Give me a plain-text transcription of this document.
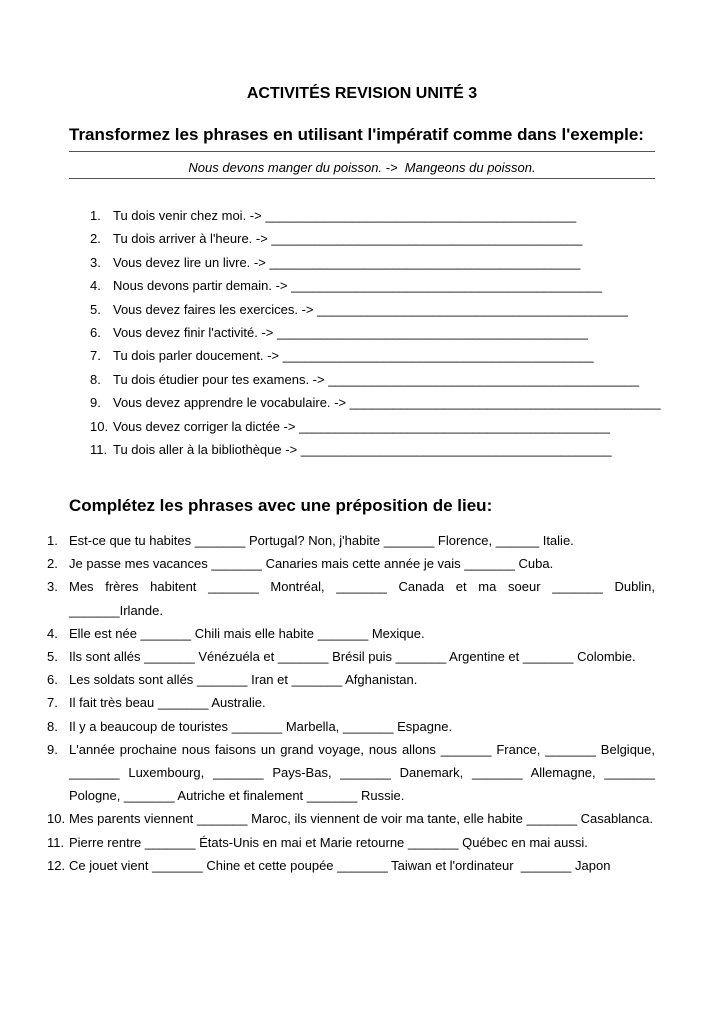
ACTIVITÉS REVISION UNITÉ 3
Transformez les phrases en utilisant l'impératif comme dans l'exemple:
Nous devons manger du poisson. ->  Mangeons du poisson.
1. Tu dois venir chez moi. -> ___________________________________________
2. Tu dois arriver à l'heure. -> ___________________________________________
3. Vous devez lire un livre. -> ___________________________________________
4. Nous devons partir demain. -> ___________________________________________
5. Vous devez faires les exercices. -> ___________________________________________
6. Vous devez finir l'activité. -> ___________________________________________
7. Tu dois parler doucement. -> ___________________________________________
8. Tu dois étudier pour tes examens. -> ___________________________________________
9. Vous devez apprendre le vocabulaire. -> ___________________________________________
10. Vous devez corriger la dictée -> ___________________________________________
11. Tu dois aller à la bibliothèque -> ___________________________________________
Complétez les phrases avec une préposition de lieu:
1. Est-ce que tu habites _______ Portugal? Non, j'habite _______ Florence, ______ Italie.
2. Je passe mes vacances _______ Canaries mais cette année je vais _______ Cuba.
3. Mes frères habitent _______ Montréal, _______ Canada et ma soeur _______ Dublin, _______Irlande.
4. Elle est née _______ Chili mais elle habite _______ Mexique.
5. Ils sont allés _______ Vénézuéla et _______ Brésil puis _______ Argentine et _______ Colombie.
6. Les soldats sont allés _______ Iran et _______ Afghanistan.
7. Il fait très beau _______ Australie.
8. Il y a beaucoup de touristes _______ Marbella, _______ Espagne.
9. L'année prochaine nous faisons un grand voyage, nous allons _______ France, _______ Belgique, _______ Luxembourg, _______ Pays-Bas, _______ Danemark, _______ Allemagne, _______ Pologne, _______ Autriche et finalement _______ Russie.
10. Mes parents viennent _______ Maroc, ils viennent de voir ma tante, elle habite _______ Casablanca.
11. Pierre rentre _______ États-Unis en mai et Marie retourne _______ Québec en mai aussi.
12. Ce jouet vient _______ Chine et cette poupée _______ Taiwan et l'ordinateur  _______ Japon
